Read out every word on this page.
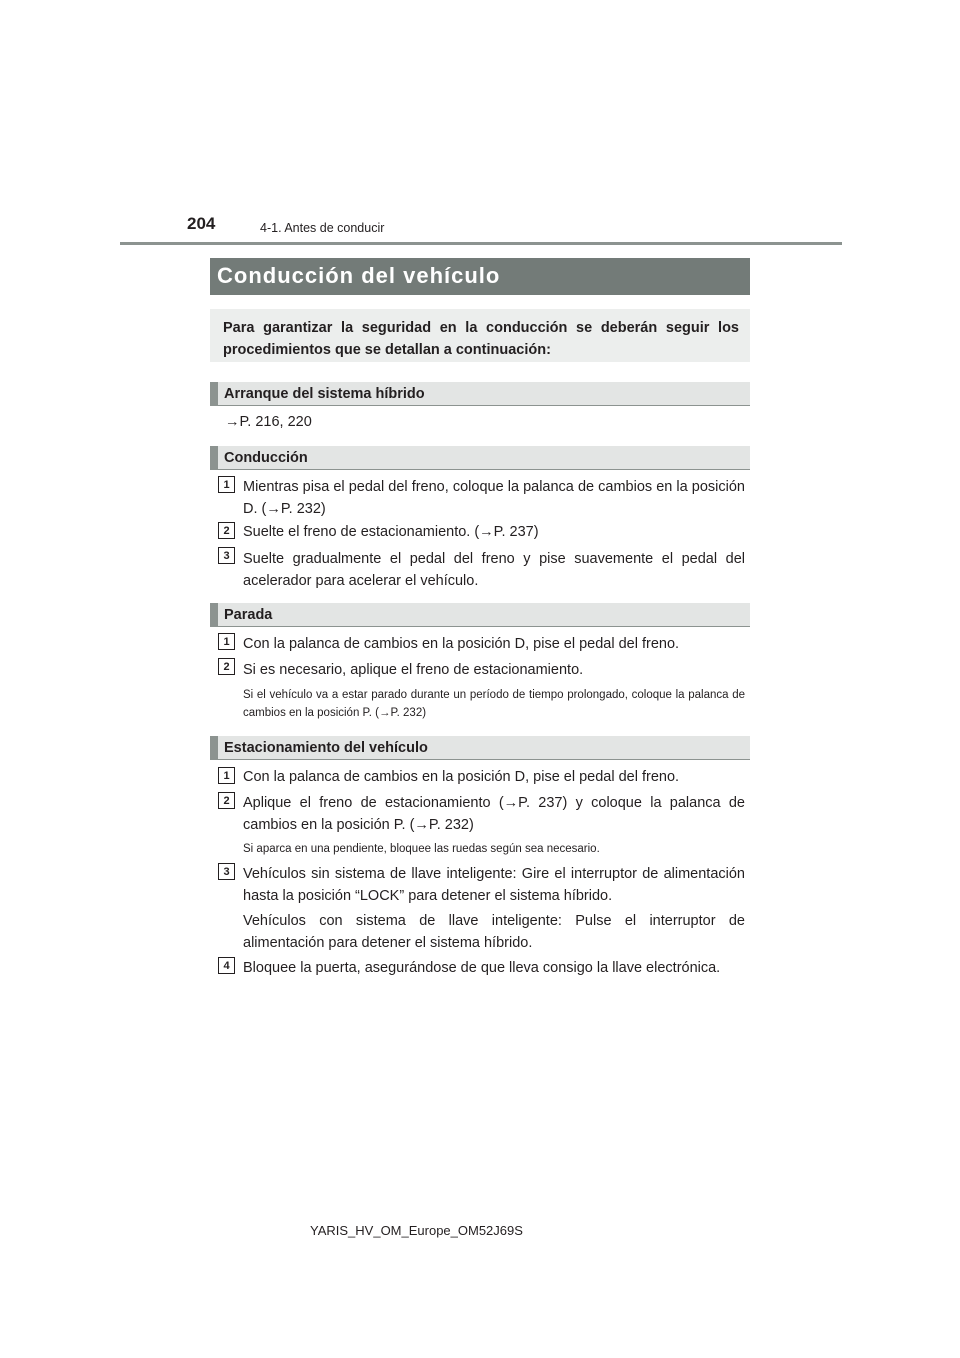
204	4-1. Antes de conducir
Conducción del vehículo
Para garantizar la seguridad en la conducción se deberán seguir los procedimientos que se detallan a continuación:
Arranque del sistema híbrido
→P. 216, 220
Conducción
1 Mientras pisa el pedal del freno, coloque la palanca de cambios en la posición D. (→P. 232)
2 Suelte el freno de estacionamiento. (→P. 237)
3 Suelte gradualmente el pedal del freno y pise suavemente el pedal del acelerador para acelerar el vehículo.
Parada
1 Con la palanca de cambios en la posición D, pise el pedal del freno.
2 Si es necesario, aplique el freno de estacionamiento.
Si el vehículo va a estar parado durante un período de tiempo prolongado, coloque la palanca de cambios en la posición P. (→P. 232)
Estacionamiento del vehículo
1 Con la palanca de cambios en la posición D, pise el pedal del freno.
2 Aplique el freno de estacionamiento (→P. 237) y coloque la palanca de cambios en la posición P. (→P. 232)
Si aparca en una pendiente, bloquee las ruedas según sea necesario.
3 Vehículos sin sistema de llave inteligente: Gire el interruptor de alimentación hasta la posición “LOCK” para detener el sistema híbrido.
Vehículos con sistema de llave inteligente: Pulse el interruptor de alimentación para detener el sistema híbrido.
4 Bloquee la puerta, asegurándose de que lleva consigo la llave electrónica.
YARIS_HV_OM_Europe_OM52J69S
